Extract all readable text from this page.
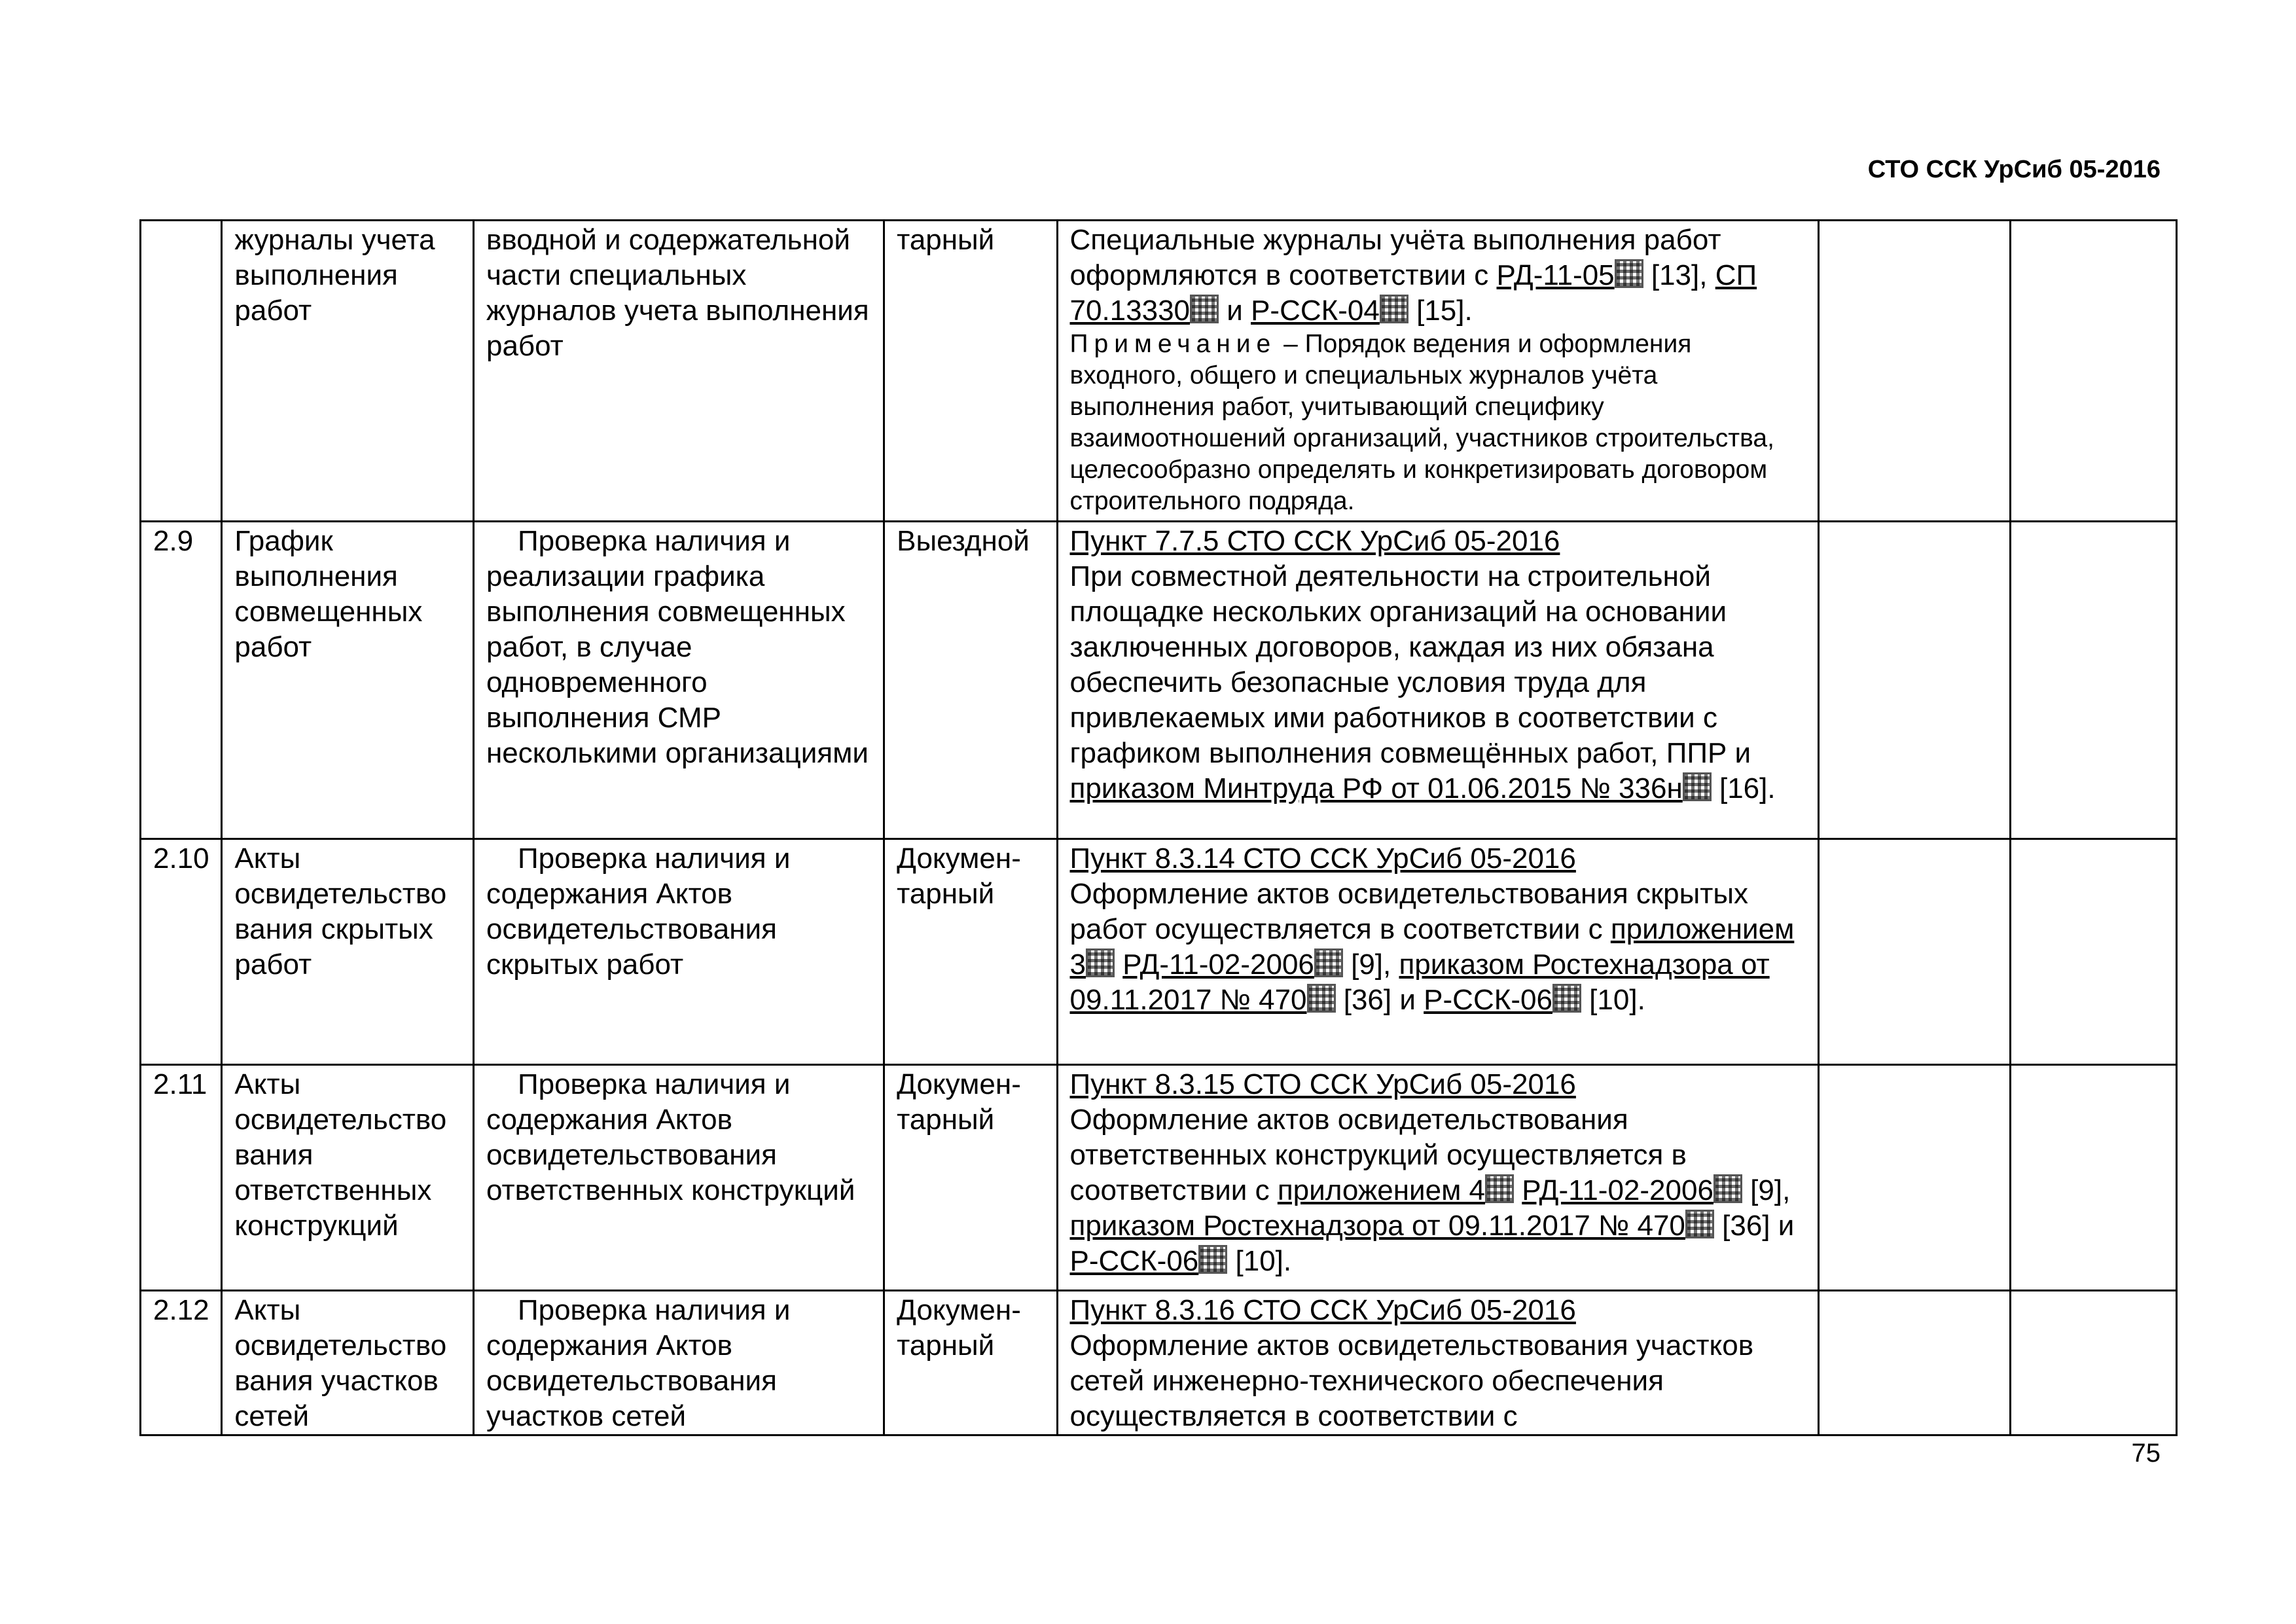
СТО ССК УрСиб 05-2016
	журналы учета выполнения работ	вводной и содержательной части специальных журналов учета выполнения работ	тарный	Специальные журналы учёта выполнения работ оформляются в соответствии с РД-11-05 [13], СП 70.13330 и Р-ССК-04 [15].
Примечание – Порядок ведения и оформления входного, общего и специальных журналов учёта выполнения работ, учитывающий специфику взаимоотношений организаций, участников строительства, целесообразно определять и конкретизировать договором строительного подряда.		

2.9	График выполнения совмещенных работ	Проверка наличия и реализации графика выполнения совмещенных работ, в случае одновременного выполнения СМР несколькими организациями	Выездной	Пункт 7.7.5 СТО ССК УрСиб 05-2016
При совместной деятельности на строительной площадке нескольких организаций на основании заключенных договоров, каждая из них обязана обеспечить безопасные условия труда для привлекаемых ими работников в соответствии с графиком выполнения совмещённых работ, ППР и приказом Минтруда РФ от 01.06.2015 № 336н [16].		
2.10	Акты освидетельство вания скрытых работ	Проверка наличия и содержания Актов освидетельствования скрытых работ	Докумен-тарный	Пункт 8.3.14 СТО ССК УрСиб 05-2016
Оформление актов освидетельствования скрытых работ осуществляется в соответствии с приложением 3 РД-11-02-2006 [9], приказом Ростехнадзора от 09.11.2017 № 470 [36] и Р-ССК-06 [10].		
2.11	Акты освидетельство вания ответственных конструкций	Проверка наличия и содержания Актов освидетельствования ответственных конструкций	Докумен-тарный	Пункт 8.3.15 СТО ССК УрСиб 05-2016
Оформление актов освидетельствования ответственных конструкций осуществляется в соответствии с приложением 4 РД-11-02-2006 [9], приказом Ростехнадзора от 09.11.2017 № 470 [36] и Р-ССК-06 [10].		
2.12	Акты освидетельство вания участков сетей	Проверка наличия и содержания Актов освидетельствования участков сетей	Докумен-тарный	Пункт 8.3.16 СТО ССК УрСиб 05-2016
Оформление актов освидетельствования участков сетей инженерно-технического обеспечения осуществляется в соответствии с		
75
